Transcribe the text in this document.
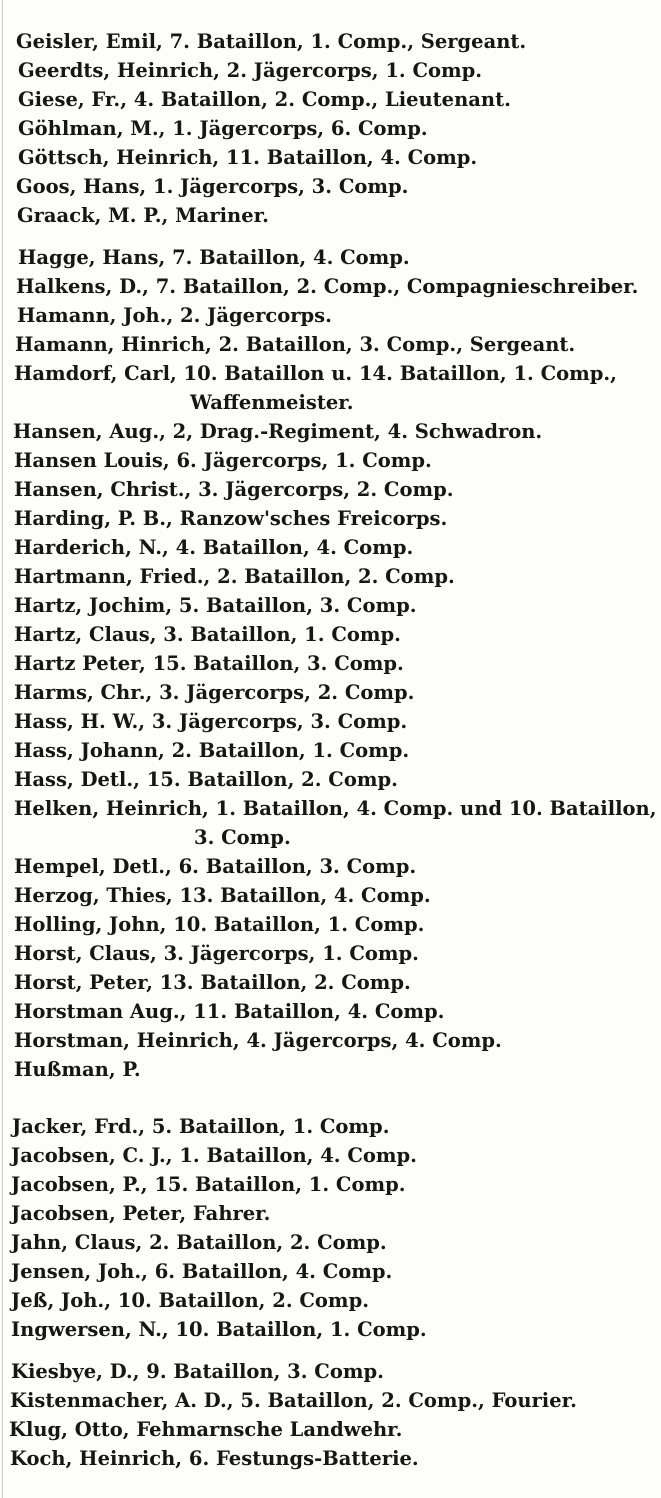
Geisler, Emil, 7. Bataillon, 1. Comp., Sergeant.
Geerdts, Heinrich, 2. Jägercorps, 1. Comp.
Giese, Fr., 4. Bataillon, 2. Comp., Lieutenant.
Göhlman, M., 1. Jägercorps, 6. Comp.
Göttsch, Heinrich, 11. Bataillon, 4. Comp.
Goos, Hans, 1. Jägercorps, 3. Comp.
Graack, M. P., Mariner.
Hagge, Hans, 7. Bataillon, 4. Comp.
Halkens, D., 7. Bataillon, 2. Comp., Compagnieschreiber.
Hamann, Joh., 2. Jägercorps.
Hamann, Hinrich, 2. Bataillon, 3. Comp., Sergeant.
Hamdorf, Carl, 10. Bataillon u. 14. Bataillon, 1. Comp.,
Waffenmeister.
Hansen, Aug., 2, Drag.-Regiment, 4. Schwadron.
Hansen Louis, 6. Jägercorps, 1. Comp.
Hansen, Christ., 3. Jägercorps, 2. Comp.
Harding, P. B., Ranzow'sches Freicorps.
Harderich, N., 4. Bataillon, 4. Comp.
Hartmann, Fried., 2. Bataillon, 2. Comp.
Hartz, Jochim, 5. Bataillon, 3. Comp.
Hartz, Claus, 3. Bataillon, 1. Comp.
Hartz Peter, 15. Bataillon, 3. Comp.
Harms, Chr., 3. Jägercorps, 2. Comp.
Hass, H. W., 3. Jägercorps, 3. Comp.
Hass, Johann, 2. Bataillon, 1. Comp.
Hass, Detl., 15. Bataillon, 2. Comp.
Helken, Heinrich, 1. Bataillon, 4. Comp. und 10. Bataillon,
3. Comp.
Hempel, Detl., 6. Bataillon, 3. Comp.
Herzog, Thies, 13. Bataillon, 4. Comp.
Holling, John, 10. Bataillon, 1. Comp.
Horst, Claus, 3. Jägercorps, 1. Comp.
Horst, Peter, 13. Bataillon, 2. Comp.
Horstman Aug., 11. Bataillon, 4. Comp.
Horstman, Heinrich, 4. Jägercorps, 4. Comp.
Hußman, P.
Jacker, Frd., 5. Bataillon, 1. Comp.
Jacobsen, C. J., 1. Bataillon, 4. Comp.
Jacobsen, P., 15. Bataillon, 1. Comp.
Jacobsen, Peter, Fahrer.
Jahn, Claus, 2. Bataillon, 2. Comp.
Jensen, Joh., 6. Bataillon, 4. Comp.
Jeß, Joh., 10. Bataillon, 2. Comp.
Ingwersen, N., 10. Bataillon, 1. Comp.
Kiesbye, D., 9. Bataillon, 3. Comp.
Kistenmacher, A. D., 5. Bataillon, 2. Comp., Fourier.
Klug, Otto, Fehmarnsche Landwehr.
Koch, Heinrich, 6. Festungs-Batterie.
